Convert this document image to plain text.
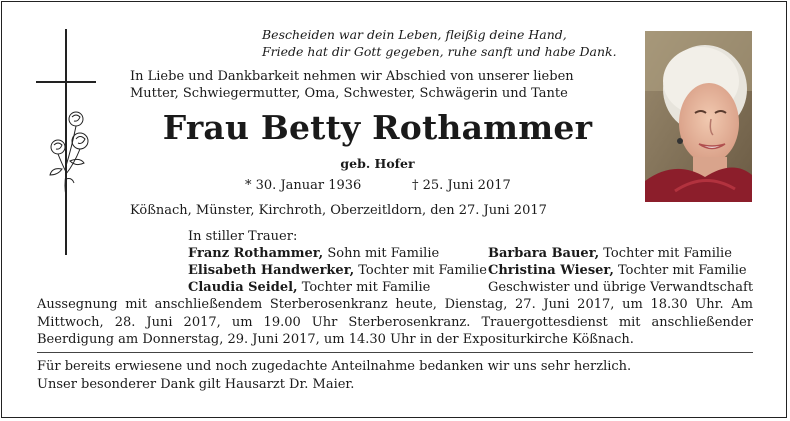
Bescheiden war dein Leben, fleißig deine Hand,
Friede hat dir Gott gegeben, ruhe sanft und habe Dank.
In Liebe und Dankbarkeit nehmen wir Abschied von unserer lieben Mutter, Schwiegermutter, Oma, Schwester, Schwägerin und Tante
Frau Betty Rothammer
geb. Hofer
* 30. Januar 1936	† 25. Juni 2017
Kößnach, Münster, Kirchroth, Oberzeitldorn, den 27. Juni 2017
In stiller Trauer:
Franz Rothammer, Sohn mit Familie
Elisabeth Handwerker, Tochter mit Familie
Claudia Seidel, Tochter mit Familie
Barbara Bauer, Tochter mit Familie
Christina Wieser, Tochter mit Familie
Geschwister und übrige Verwandtschaft
Aussegnung mit anschließendem Sterberosenkranz heute, Dienstag, 27. Juni 2017, um 18.30 Uhr. Am Mittwoch, 28. Juni 2017, um 19.00 Uhr Sterberosenkranz. Trauergottesdienst mit anschließender Beerdigung am Donnerstag, 29. Juni 2017, um 14.30 Uhr in der Expositurkirche Kößnach.
Für bereits erwiesene und noch zugedachte Anteilnahme bedanken wir uns sehr herzlich.
Unser besonderer Dank gilt Hausarzt Dr. Maier.
